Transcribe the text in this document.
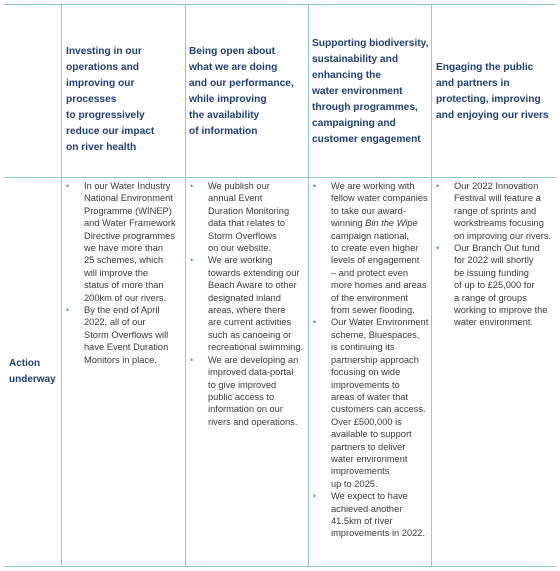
Investing in our
operations and
improving our processes
to progressively
reduce our impact
on river health
Being open about
what we are doing
and our performance,
while improving
the availability
of information
Supporting biodiversity,
sustainability and
enhancing the
water environment
through programmes,
campaigning and
customer engagement
Engaging the public
and partners in
protecting, improving
and enjoying our rivers
Action
underway
• In our Water Industry
National Environment
Programme (WINEP)
and Water Framework
Directive programmes
we have more than
25 schemes, which
will improve the
status of more than
200km of our rivers.
• By the end of April
2022, all of our
Storm Overflows will
have Event Duration
Monitors in place.
• We publish our
annual Event
Duration Monitoring
data that relates to
Storm Overflows
on our website.
• We are working
towards extending our
Beach Aware to other
designated inland
areas, where there
are current activities
such as canoeing or
recreational swimming.
• We are developing an
improved data-portal
to give improved
public access to
information on our
rivers and operations.
• We are working with
fellow water companies
to take our award-
winning Bin the Wipe
campaign national,
to create even higher
levels of engagement
– and protect even
more homes and areas
of the environment
from sewer flooding.
• Our Water Environment
scheme, Bluespaces,
is continuing its
partnership approach
focusing on wide
improvements to
areas of water that
customers can access.
Over £500,000 is
available to support
partners to deliver
water environment
improvements
up to 2025.
• We expect to have
achieved another
41.5km of river
improvements in 2022.
• Our 2022 Innovation
Festival will feature a
range of sprints and
workstreams focusing
on improving our rivers.
• Our Branch Out fund
for 2022 will shortly
be issuing funding
of up to £25,000 for
a range of groups
working to improve the
water environment.
